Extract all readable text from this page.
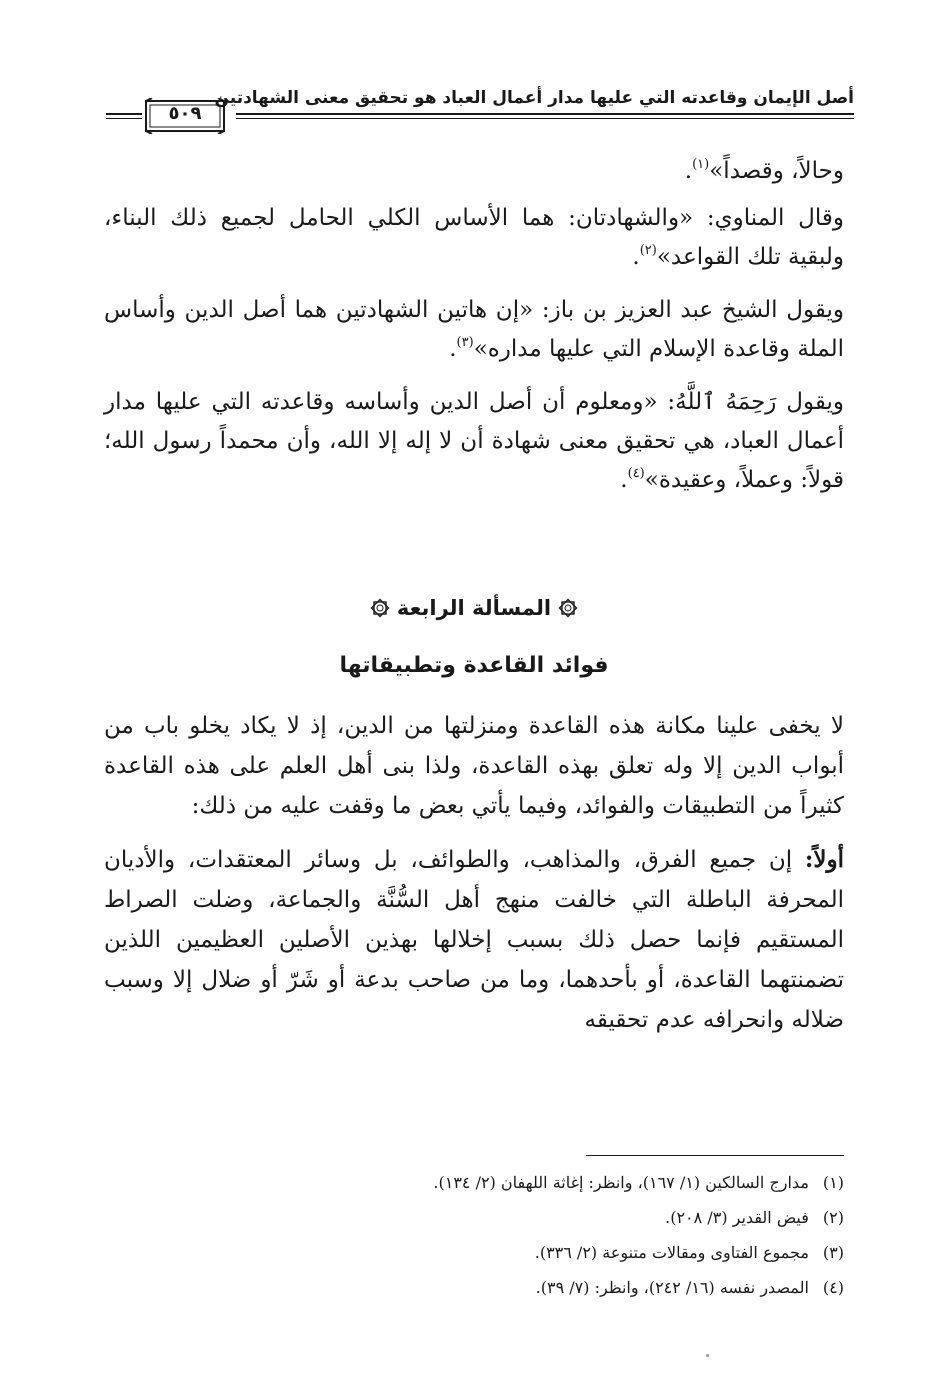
أصل الإيمان وقاعدته التي عليها مدار أعمال العباد هو تحقيق معنى الشهادتين
٥٠٩

وحالاً، وقصداً»$^{(١)}$.

وقال المناوي: «والشهادتان: هما الأساس الكلي الحامل لجميع ذلك البناء، ولبقية تلك القواعد»$^{(٢)}$.

ويقول الشيخ عبد العزيز بن باز: «إن هاتين الشهادتين هما أصل الدين وأساس الملة وقاعدة الإسلام التي عليها مداره»$^{(٣)}$.

ويقول رَحِمَهُ ٱللَّهُ: «ومعلوم أن أصل الدين وأساسه وقاعدته التي عليها مدار أعمال العباد، هي تحقيق معنى شهادة أن لا إله إلا الله، وأن محمداً رسول الله؛ قولاً: وعملاً، وعقيدة»$^{(٤)}$.

المسألة الرابعة
فوائد القاعدة وتطبيقاتها

لا يخفى علينا مكانة هذه القاعدة ومنزلتها من الدين، إذ لا يكاد يخلو باب من أبواب الدين إلا وله تعلق بهذه القاعدة، ولذا بنى أهل العلم على هذه القاعدة كثيراً من التطبيقات والفوائد، وفيما يأتي بعض ما وقفت عليه من ذلك:

أولاً: إن جميع الفرق، والمذاهب، والطوائف، بل وسائر المعتقدات، والأديان المحرفة الباطلة التي خالفت منهج أهل السُّنَّة والجماعة، وضلت الصراط المستقيم فإنما حصل ذلك بسبب إخلالها بهذين الأصلين العظيمين اللذين تضمنتهما القاعدة، أو بأحدهما، وما من صاحب بدعة أو شَرّ أو ضلال إلا وسبب ضلاله وانحرافه عدم تحقيقه

(١)مدارج السالكين (١/ ١٦٧)، وانظر: إغاثة اللهفان (٢/ ١٣٤).
(٢)فيض القدير (٣/ ٢٠٨).
(٣)مجموع الفتاوى ومقالات متنوعة (٢/ ٣٣٦).
(٤)المصدر نفسه (١٦/ ٢٤٢)، وانظر: (٧/ ٣٩).
